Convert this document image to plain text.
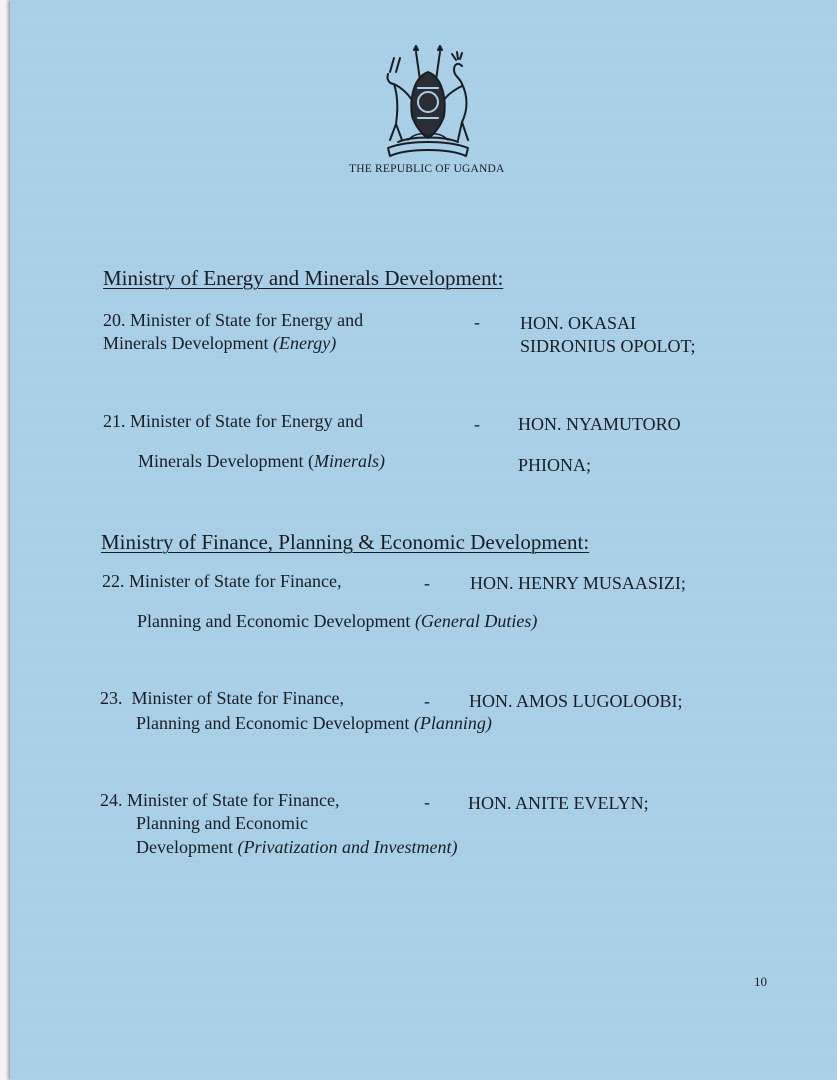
THE REPUBLIC OF UGANDA
Ministry of Energy and Minerals Development:
20. Minister of State for Energy and
Minerals Development (Energy)
- HON. OKASAI
SIDRONIUS OPOLOT;
21. Minister of State for Energy and
Minerals Development (Minerals)
- HON. NYAMUTORO
PHIONA;
Ministry of Finance, Planning & Economic Development:
22. Minister of State for Finance,	- HON. HENRY MUSAASIZI;
Planning and Economic Development (General Duties)
23. Minister of State for Finance,	- HON. AMOS LUGOLOOBI;
Planning and Economic Development (Planning)
24. Minister of State for Finance,	- HON. ANITE EVELYN;
Planning and Economic
Development (Privatization and Investment)
10
